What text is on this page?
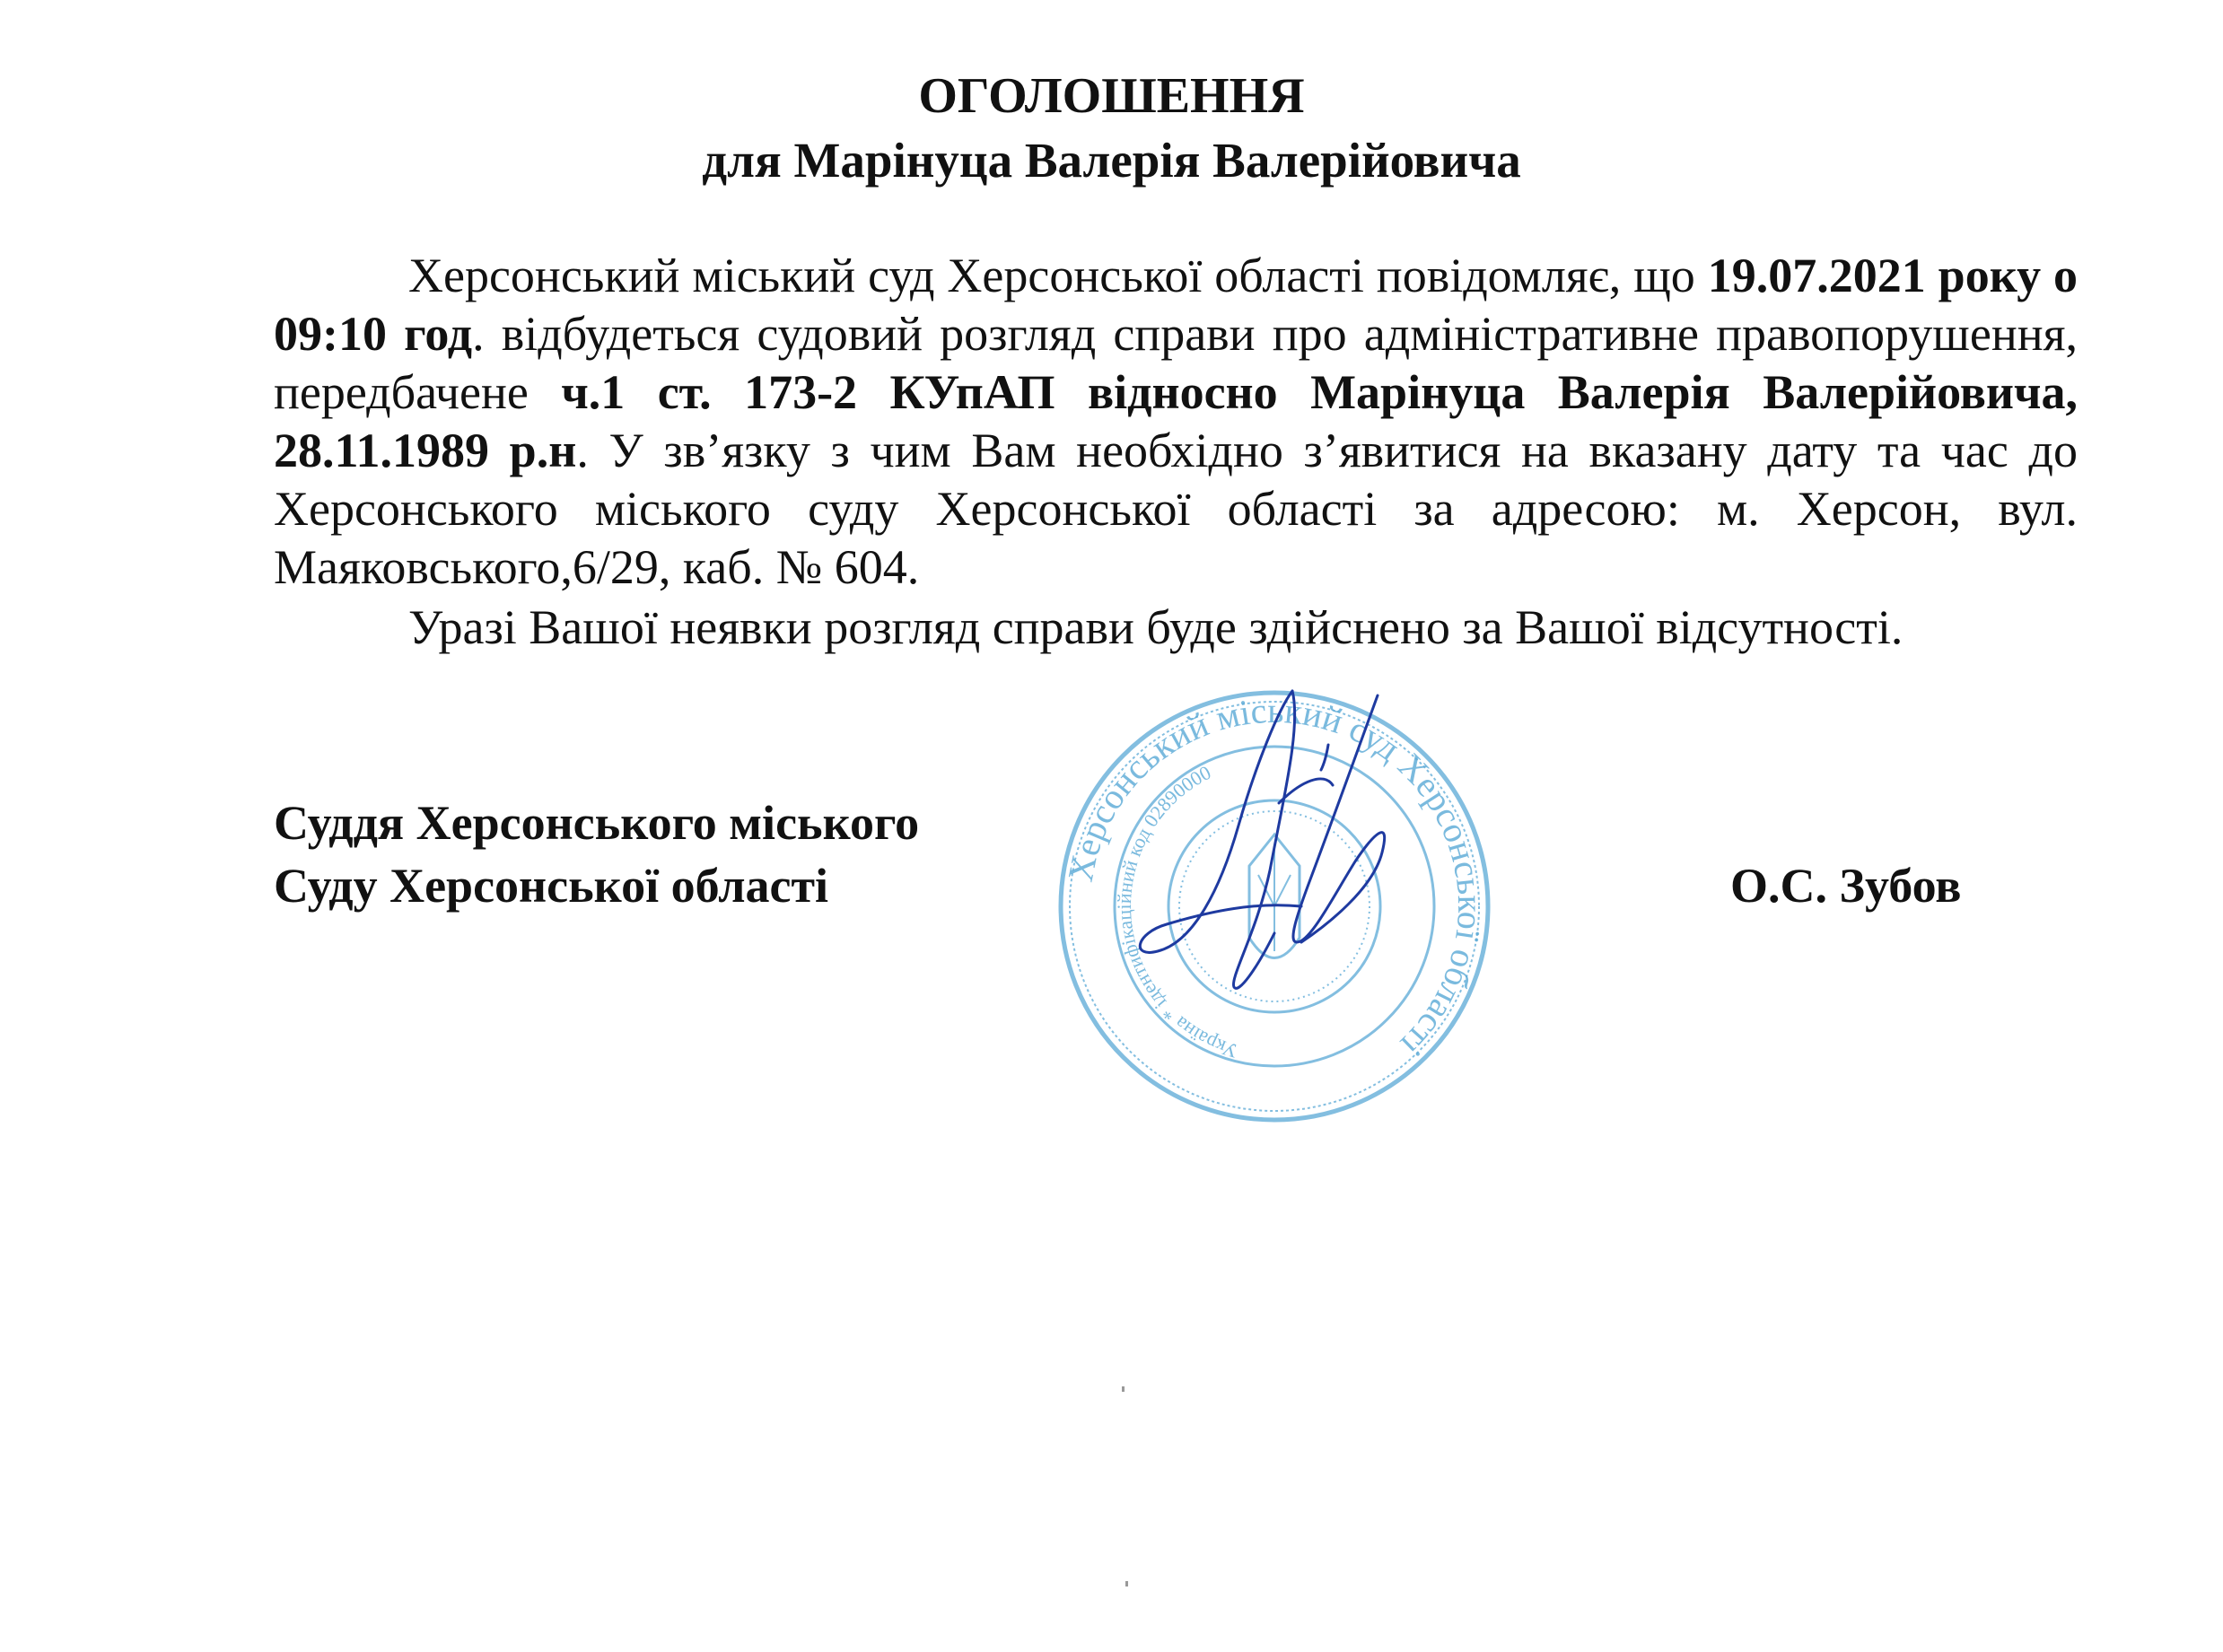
ОГОЛОШЕННЯ
для Марінуца Валерія Валерійовича

Херсонський міський суд Херсонської області повідомляє, що 19.07.2021 року о 09:10 год. відбудеться судовий розгляд справи про адміністративне правопорушення, передбачене ч.1 ст. 173-2 КУпАП відносно Марінуца Валерія Валерійовича, 28.11.1989 р.н. У зв’язку з чим Вам необхідно з’явитися на вказану дату та час до Херсонського міського суду Херсонської області за адресою: м. Херсон, вул. Маяковського,6/29, каб. № 604.

Уразі Вашої неявки розгляд справи буде здійснено за Вашої відсутності.

Суддя Херсонського міського
Суду Херсонської області	О.С. Зубов
Херсонський міський суд Херсонської області
Україна * ідентифікаційний код 02890000
